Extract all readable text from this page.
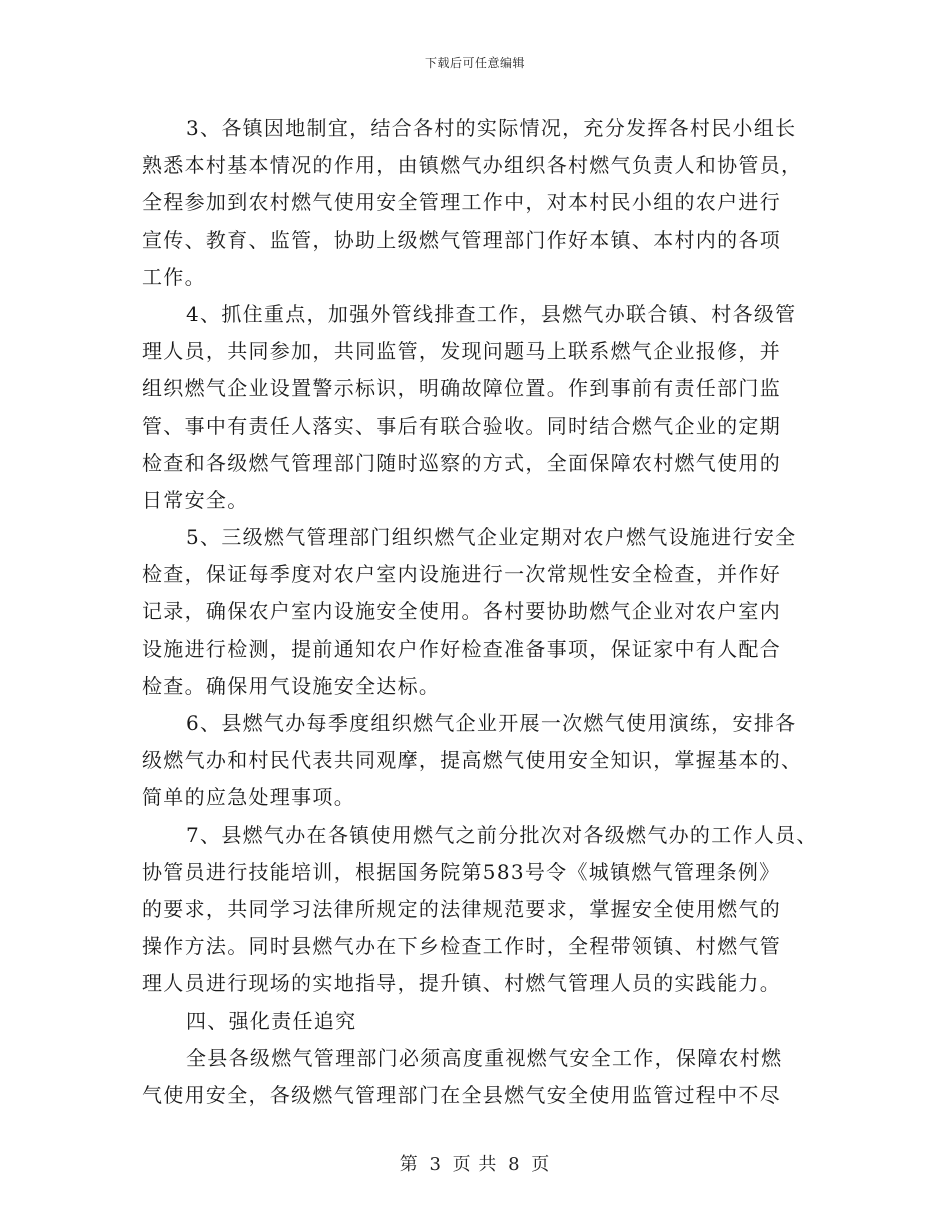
下载后可任意编辑
3、各镇因地制宜，结合各村的实际情况，充分发挥各村民小组长
熟悉本村基本情况的作用，由镇燃气办组织各村燃气负责人和协管员，
全程参加到农村燃气使用安全管理工作中，对本村民小组的农户进行
宣传、教育、监管，协助上级燃气管理部门作好本镇、本村内的各项
工作。
4、抓住重点，加强外管线排查工作，县燃气办联合镇、村各级管
理人员，共同参加，共同监管，发现问题马上联系燃气企业报修，并
组织燃气企业设置警示标识，明确故障位置。作到事前有责任部门监
管、事中有责任人落实、事后有联合验收。同时结合燃气企业的定期
检查和各级燃气管理部门随时巡察的方式，全面保障农村燃气使用的
日常安全。
5、三级燃气管理部门组织燃气企业定期对农户燃气设施进行安全
检查，保证每季度对农户室内设施进行一次常规性安全检查，并作好
记录，确保农户室内设施安全使用。各村要协助燃气企业对农户室内
设施进行检测，提前通知农户作好检查准备事项，保证家中有人配合
检查。确保用气设施安全达标。
6、县燃气办每季度组织燃气企业开展一次燃气使用演练，安排各
级燃气办和村民代表共同观摩，提高燃气使用安全知识，掌握基本的、
简单的应急处理事项。
7、县燃气办在各镇使用燃气之前分批次对各级燃气办的工作人员、
协管员进行技能培训，根据国务院第583号令《城镇燃气管理条例》
的要求，共同学习法律所规定的法律规范要求，掌握安全使用燃气的
操作方法。同时县燃气办在下乡检查工作时，全程带领镇、村燃气管
理人员进行现场的实地指导，提升镇、村燃气管理人员的实践能力。
四、强化责任追究
全县各级燃气管理部门必须高度重视燃气安全工作，保障农村燃
气使用安全，各级燃气管理部门在全县燃气安全使用监管过程中不尽
第 3 页 共 8 页
